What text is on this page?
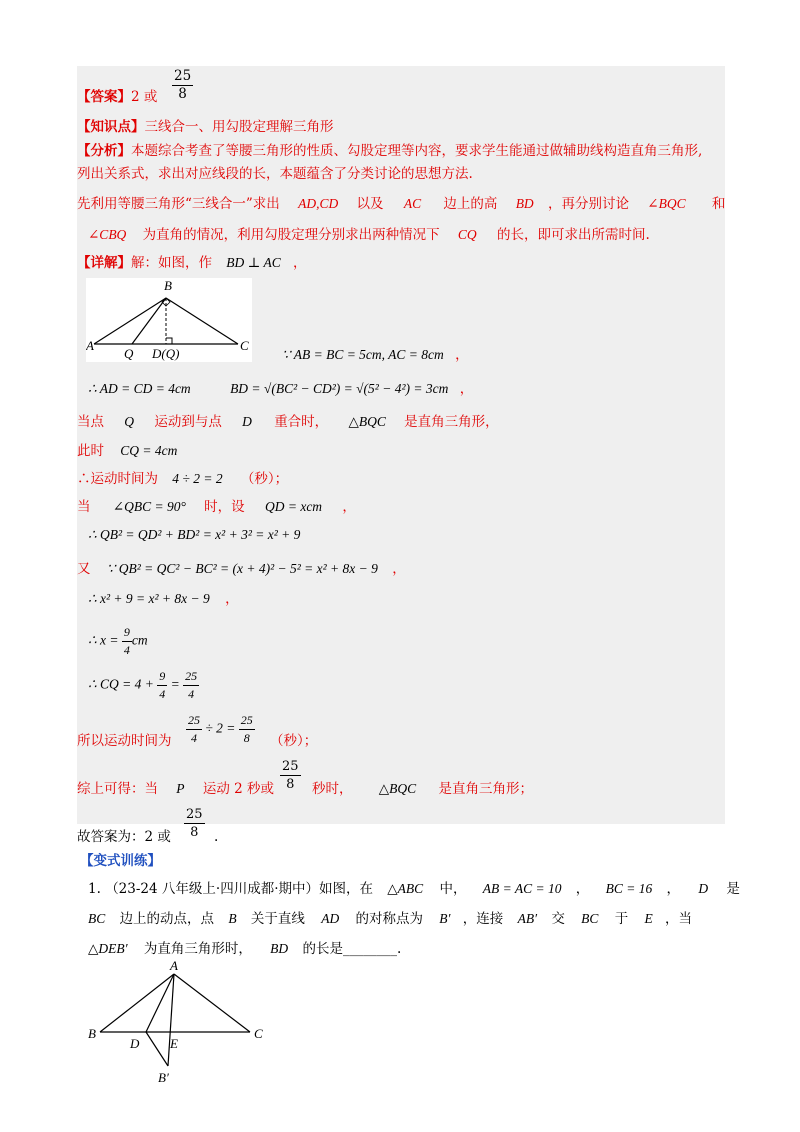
【答案】2 或 $\frac{25}{8}$
【知识点】三线合一、用勾股定理解三角形
【分析】本题综合考查了等腰三角形的性质、勾股定理等内容，要求学生能通过做辅助线构造直角三角形,
列出关系式，求出对应线段的长，本题蕴含了分类讨论的思想方法.
先利用等腰三角形“三线合一”求出 AD,CD 以及 AC 边上的高 BD ，再分别讨论 ∠BQC 和
∠CBQ 为直角的情况，利用勾股定理分别求出两种情况下 CQ 的长，即可求出所需时间.
【详解】解：如图，作 BD ⊥ AC ，
B
A
Q D(Q)
C
∵ AB = BC = 5cm, AC = 8cm ，
∴ AD = CD = 4cm	BD = √(BC² − CD²) = √(5² − 4²) = 3cm ，
当点 Q 运动到与点 D 重合时， △BQC 是直角三角形，
此时 CQ = 4cm
∴运动时间为 4 ÷ 2 = 2 （秒）；
当 ∠QBC = 90° 时，设 QD = xcm ，
∴ QB² = QD² + BD² = x² + 3² = x² + 9
又 ∵ QB² = QC² − BC² = (x + 4)² − 5² = x² + 8x − 9 ，
∴ x² + 9 = x² + 8x − 9 ，
∴ $x = \frac{9}{4}$ cm
∴ CQ = $4 + \frac{9}{4} = \frac{25}{4}$
所以运动时间为 $\frac{25}{4} \div 2 = \frac{25}{8}$ （秒）；
综上可得：当 P 运动 2 秒或 $\frac{25}{8}$ 秒时， △BQC 是直角三角形；
故答案为：2 或 $\frac{25}{8}$ .
【变式训练】
1. （23-24 八年级上·四川成都·期中）如图，在 △ABC 中， AB = AC = 10 ， BC = 16 ， D 是
BC 边上的动点，点 B 关于直线 AD 的对称点为 B′ ，连接 AB′ 交 BC 于 E ，当
△DEB′ 为直角三角形时， BD 的长是________.
A
B
D E
C
B′
